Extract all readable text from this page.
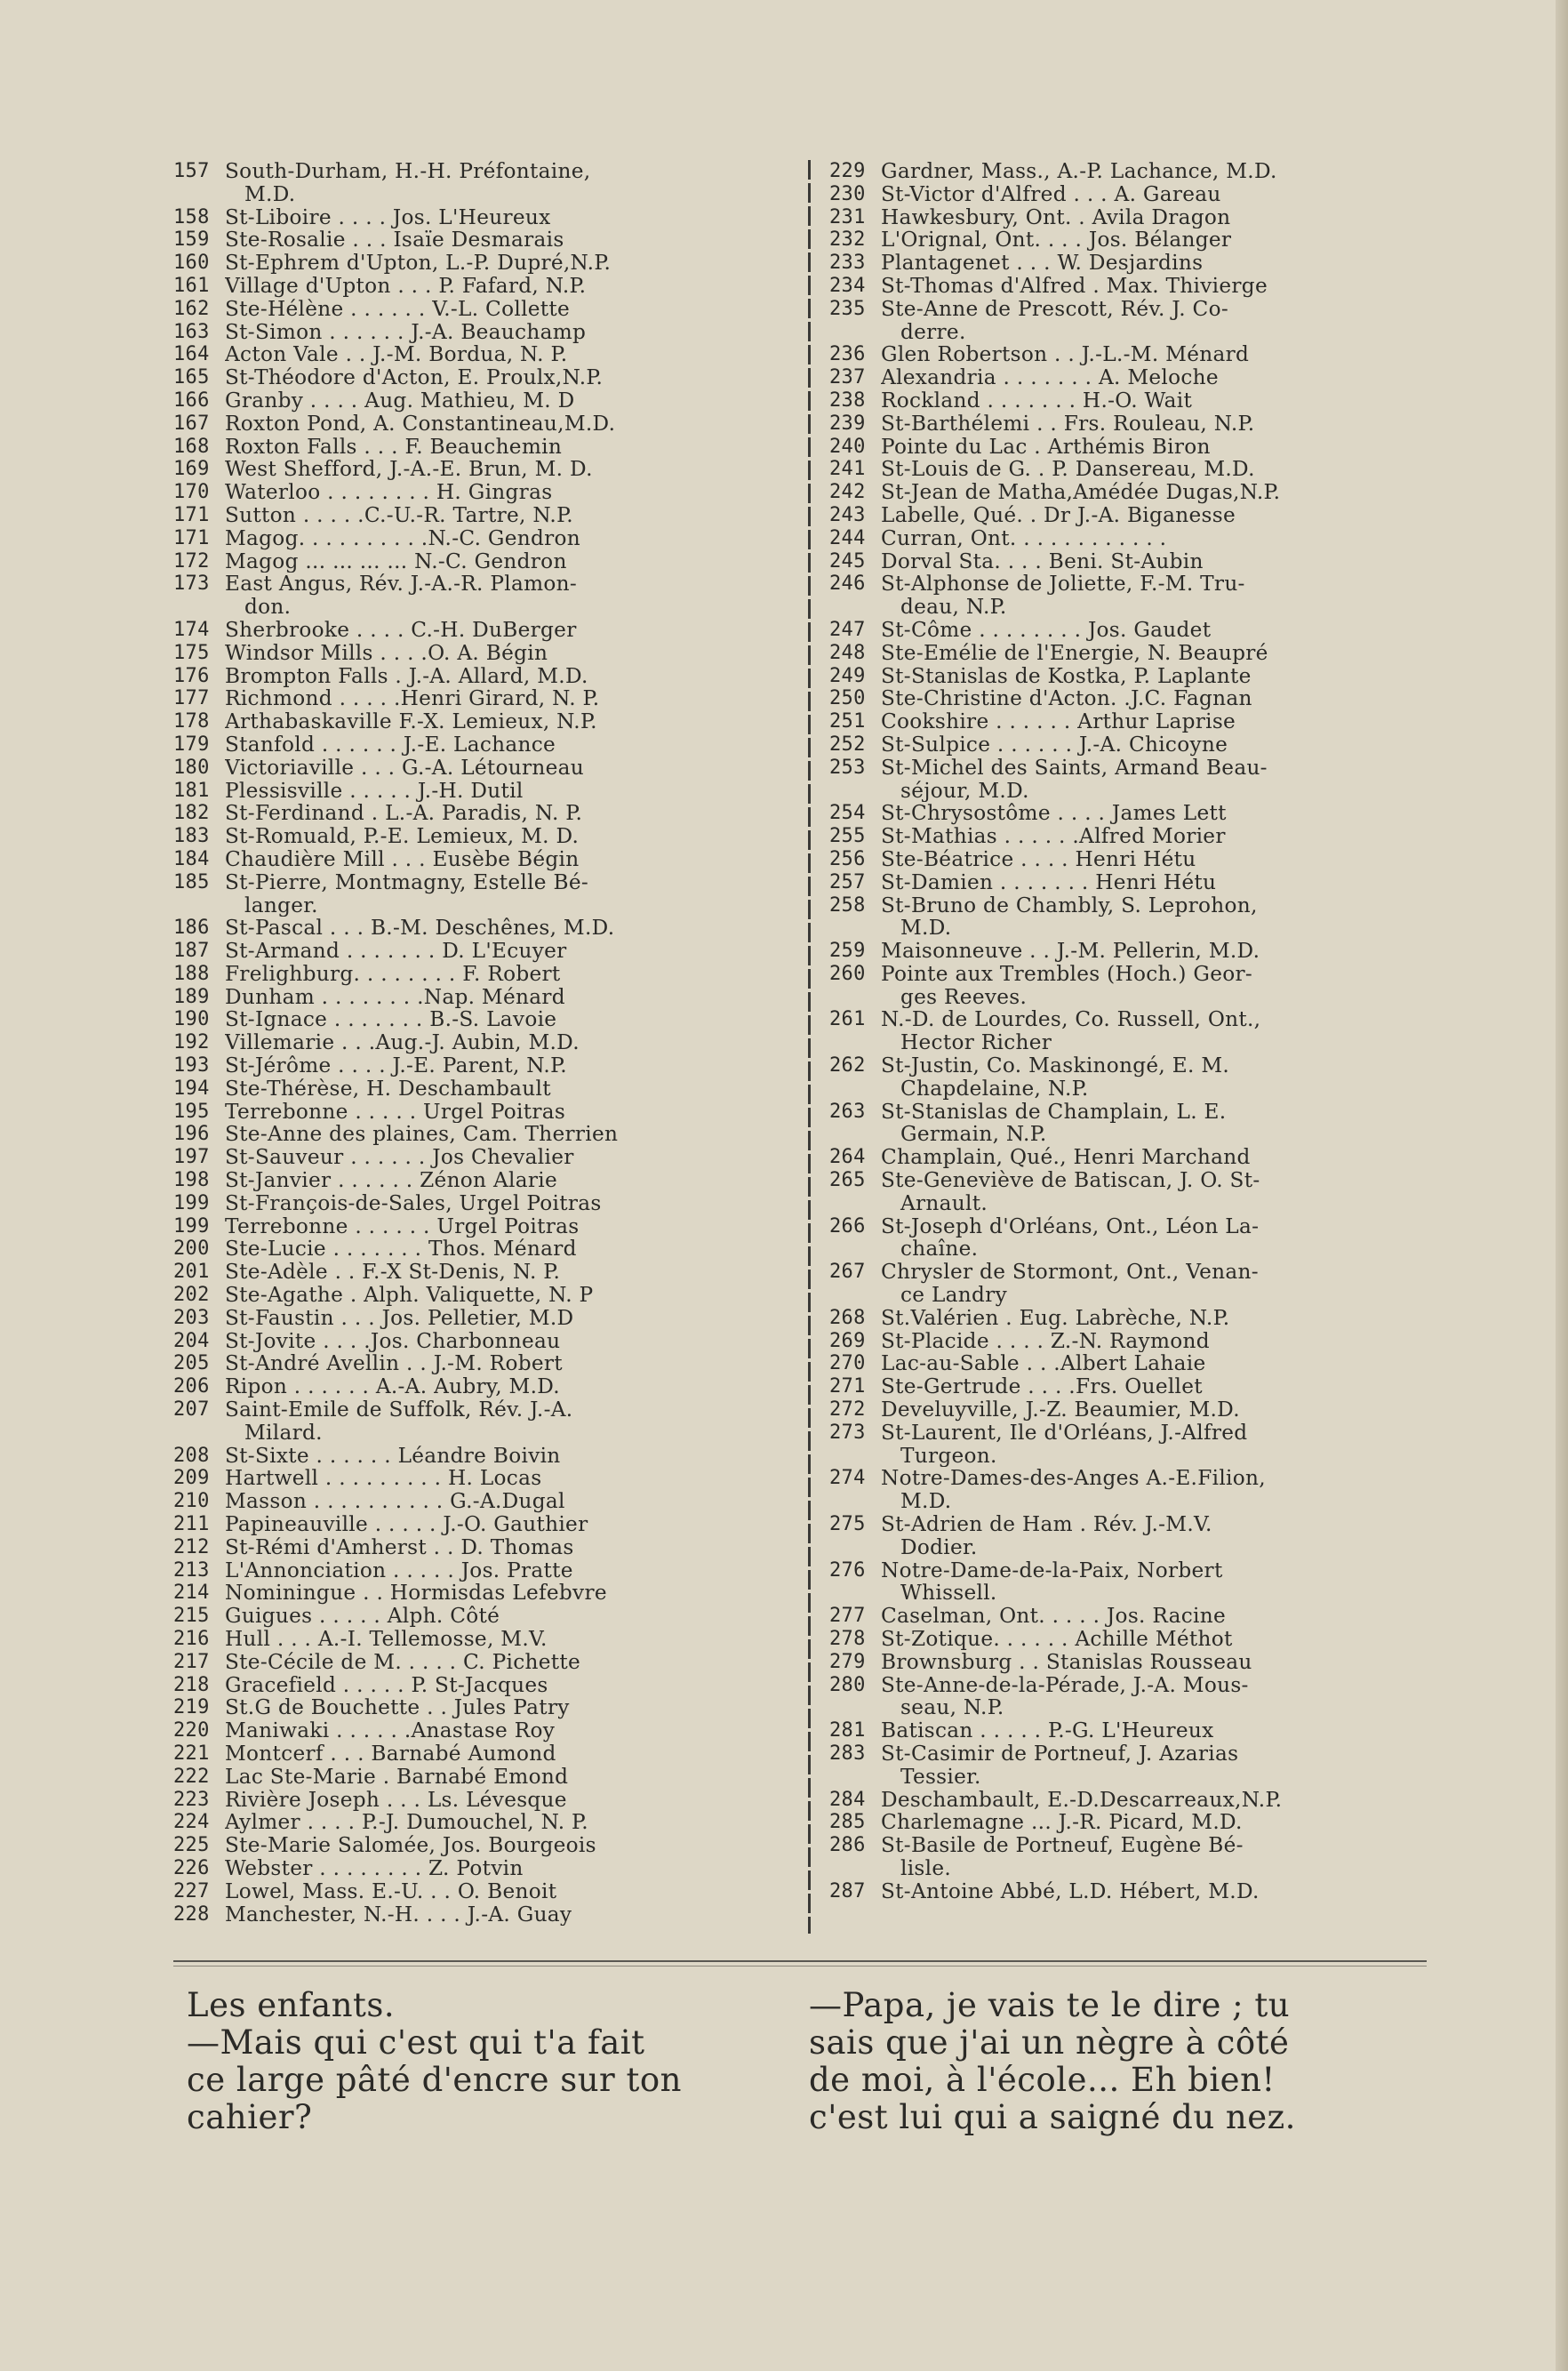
157 South-Durham, H.-H. Préfontaine,
M.D.
158 St-Liboire . . . . Jos. L'Heureux
159 Ste-Rosalie . . . Isaïe Desmarais
160 St-Ephrem d'Upton, L.-P. Dupré,N.P.
161 Village d'Upton . . . P. Fafard, N.P.
162 Ste-Hélène . . . . . . V.-L. Collette
163 St-Simon . . . . . . J.-A. Beauchamp
164 Acton Vale . . J.-M. Bordua, N. P.
165 St-Théodore d'Acton, E. Proulx,N.P.
166 Granby . . . . Aug. Mathieu, M. D
167 Roxton Pond, A. Constantineau,M.D.
168 Roxton Falls . . . F. Beauchemin
169 West Shefford, J.-A.-E. Brun, M. D.
170 Waterloo . . . . . . . . H. Gingras
171 Sutton . . . . .C.-U.-R. Tartre, N.P.
171 Magog. . . . . . . . . .N.-C. Gendron
172 Magog ... ... ... ... N.-C. Gendron
173 East Angus, Rév. J.-A.-R. Plamon-
don.
174 Sherbrooke . . . . C.-H. DuBerger
175 Windsor Mills . . . .O. A. Bégin
176 Brompton Falls . J.-A. Allard, M.D.
177 Richmond . . . . .Henri Girard, N. P.
178 Arthabaskaville F.-X. Lemieux, N.P.
179 Stanfold . . . . . . J.-E. Lachance
180 Victoriaville . . . G.-A. Létourneau
181 Plessisville . . . . . J.-H. Dutil
182 St-Ferdinand . L.-A. Paradis, N. P.
183 St-Romuald, P.-E. Lemieux, M. D.
184 Chaudière Mill . . . Eusèbe Bégin
185 St-Pierre, Montmagny, Estelle Bé-
langer.
186 St-Pascal . . . B.-M. Deschênes, M.D.
187 St-Armand . . . . . . . D. L'Ecuyer
188 Frelighburg. . . . . . . . F. Robert
189 Dunham . . . . . . . .Nap. Ménard
190 St-Ignace . . . . . . . B.-S. Lavoie
192 Villemarie . . .Aug.-J. Aubin, M.D.
193 St-Jérôme . . . . J.-E. Parent, N.P.
194 Ste-Thérèse, H. Deschambault
195 Terrebonne . . . . . Urgel Poitras
196 Ste-Anne des plaines, Cam. Therrien
197 St-Sauveur . . . . . . Jos Chevalier
198 St-Janvier . . . . . . Zénon Alarie
199 St-François-de-Sales, Urgel Poitras
199 Terrebonne . . . . . . Urgel Poitras
200 Ste-Lucie . . . . . . . Thos. Ménard
201 Ste-Adèle . . F.-X St-Denis, N. P.
202 Ste-Agathe . Alph. Valiquette, N. P
203 St-Faustin . . . Jos. Pelletier, M.D
204 St-Jovite . . . .Jos. Charbonneau
205 St-André Avellin . . J.-M. Robert
206 Ripon . . . . . . A.-A. Aubry, M.D.
207 Saint-Emile de Suffolk, Rév. J.-A.
Milard.
208 St-Sixte . . . . . . Léandre Boivin
209 Hartwell . . . . . . . . . H. Locas
210 Masson . . . . . . . . . . G.-A.Dugal
211 Papineauville . . . . . J.-O. Gauthier
212 St-Rémi d'Amherst . . D. Thomas
213 L'Annonciation . . . . . Jos. Pratte
214 Nominingue . . Hormisdas Lefebvre
215 Guigues . . . . . Alph. Côté
216 Hull . . . A.-I. Tellemosse, M.V.
217 Ste-Cécile de M. . . . . C. Pichette
218 Gracefield . . . . . P. St-Jacques
219 St.G de Bouchette . . Jules Patry
220 Maniwaki . . . . . .Anastase Roy
221 Montcerf . . . Barnabé Aumond
222 Lac Ste-Marie . Barnabé Emond
223 Rivière Joseph . . . Ls. Lévesque
224 Aylmer . . . . P.-J. Dumouchel, N. P.
225 Ste-Marie Salomée, Jos. Bourgeois
226 Webster . . . . . . . . Z. Potvin
227 Lowel, Mass. E.-U. . . O. Benoit
228 Manchester, N.-H. . . . J.-A. Guay
229 Gardner, Mass., A.-P. Lachance, M.D.
230 St-Victor d'Alfred . . . A. Gareau
231 Hawkesbury, Ont. . Avila Dragon
232 L'Orignal, Ont. . . . Jos. Bélanger
233 Plantagenet . . . W. Desjardins
234 St-Thomas d'Alfred . Max. Thivierge
235 Ste-Anne de Prescott, Rév. J. Co-
derre.
236 Glen Robertson . . J.-L.-M. Ménard
237 Alexandria . . . . . . . A. Meloche
238 Rockland . . . . . . . H.-O. Wait
239 St-Barthélemi . . Frs. Rouleau, N.P.
240 Pointe du Lac . Arthémis Biron
241 St-Louis de G. . P. Dansereau, M.D.
242 St-Jean de Matha,Amédée Dugas,N.P.
243 Labelle, Qué. . Dr J.-A. Biganesse
244 Curran, Ont. . . . . . . . . . . .
245 Dorval Sta. . . . Beni. St-Aubin
246 St-Alphonse de Joliette, F.-M. Tru-
deau, N.P.
247 St-Côme . . . . . . . . Jos. Gaudet
248 Ste-Emélie de l'Energie, N. Beaupré
249 St-Stanislas de Kostka, P. Laplante
250 Ste-Christine d'Acton. .J.C. Fagnan
251 Cookshire . . . . . . Arthur Laprise
252 St-Sulpice . . . . . . J.-A. Chicoyne
253 St-Michel des Saints, Armand Beau-
séjour, M.D.
254 St-Chrysostôme . . . . James Lett
255 St-Mathias . . . . . .Alfred Morier
256 Ste-Béatrice . . . . Henri Hétu
257 St-Damien . . . . . . . Henri Hétu
258 St-Bruno de Chambly, S. Leprohon,
M.D.
259 Maisonneuve . . J.-M. Pellerin, M.D.
260 Pointe aux Trembles (Hoch.) Geor-
ges Reeves.
261 N.-D. de Lourdes, Co. Russell, Ont.,
Hector Richer
262 St-Justin, Co. Maskinongé, E. M.
Chapdelaine, N.P.
263 St-Stanislas de Champlain, L. E.
Germain, N.P.
264 Champlain, Qué., Henri Marchand
265 Ste-Geneviève de Batiscan, J. O. St-
Arnault.
266 St-Joseph d'Orléans, Ont., Léon La-
chaîne.
267 Chrysler de Stormont, Ont., Venan-
ce Landry
268 St.Valérien . Eug. Labrèche, N.P.
269 St-Placide . . . . Z.-N. Raymond
270 Lac-au-Sable . . .Albert Lahaie
271 Ste-Gertrude . . . .Frs. Ouellet
272 Develuyville, J.-Z. Beaumier, M.D.
273 St-Laurent, Ile d'Orléans, J.-Alfred
Turgeon.
274 Notre-Dames-des-Anges A.-E.Filion,
M.D.
275 St-Adrien de Ham . Rév. J.-M.V.
Dodier.
276 Notre-Dame-de-la-Paix, Norbert
Whissell.
277 Caselman, Ont. . . . . Jos. Racine
278 St-Zotique. . . . . . Achille Méthot
279 Brownsburg . . Stanislas Rousseau
280 Ste-Anne-de-la-Pérade, J.-A. Mous-
seau, N.P.
281 Batiscan . . . . . P.-G. L'Heureux
283 St-Casimir de Portneuf, J. Azarias
Tessier.
284 Deschambault, E.-D.Descarreaux,N.P.
285 Charlemagne ... J.-R. Picard, M.D.
286 St-Basile de Portneuf, Eugène Bé-
lisle.
287 St-Antoine Abbé, L.D. Hébert, M.D.
Les enfants.
—Mais qui c'est qui t'a fait
ce large pâté d'encre sur ton
cahier?
—Papa, je vais te le dire ; tu
sais que j'ai un nègre à côté
de moi, à l'école... Eh bien!
c'est lui qui a saigné du nez.
